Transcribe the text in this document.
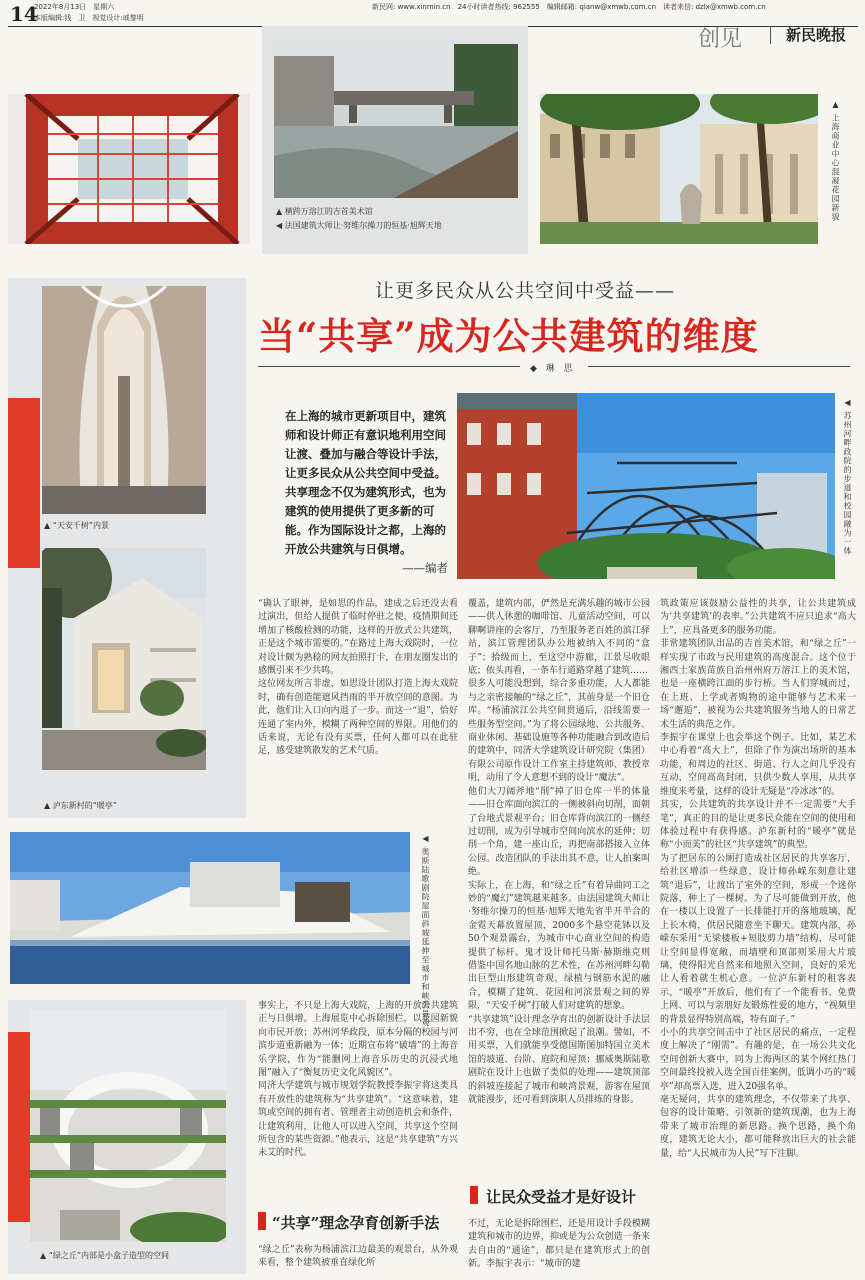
14
2022年8月13日　星期六
本版编辑:钱　卫　视觉设计:戚黎明
新民网: www.xinmin.cn　24小时读者热线: 962555　编辑邮箱: qianw@xmwb.com.cn　读者来信: dzlx@xmwb.com.cn
创见	新民晚报
▲ 横跨万溶江的吉首美术馆
◀ 法国建筑大师让·努维尔操刀的恒基·旭辉天地
▲ 上海商业中心混凝花园新貌
让更多民众从公共空间中受益——
当“共享”成为公共建筑的维度
◆ 琳 思
▲ “天安千树”内景
▲ 泸东新村的“暖亭”
◀ 苏州河畔政院的步道和校园融为一体
在上海的城市更新项目中，建筑师和设计师正有意识地利用空间让渡、叠加与融合等设计手法，让更多民众从公共空间中受益。共享理念不仅为建筑形式，也为建筑的使用提供了更多新的可能。作为国际设计之都，上海的开放公共建筑与日俱增。
——编者
◀ 奥斯陆歌剧院屋面斜坡延伸至城市和峡湾景观
▲ “绿之丘”内部是小盒子造型的空间
“确认了眼神，是如思的作品，建成之后还没去看过演出，但给人提供了临时停驻之便，疫情期间还增加了核酸检测的功能，这样的开放式公共建筑，正是这个城市需要的。”在路过上海大戏院时，一位对设计颇为熟稔的网友拍照打卡，在朋友圈发出的感慨引来不少共鸣。
这位网友所言非虚，如思设计团队打造上海大戏院时，确有创造能遮风挡雨的半开放空间的意图。为此，他们让入口向内退了一步。而这一“退”，恰好连通了室内外，模糊了两种空间的界限。用他们的话来说，无论有没有买票，任何人都可以在此驻足，感受建筑散发的艺术气质。
事实上，不只是上海大戏院，上海的开放公共建筑正与日俱增。上海展览中心拆除围栏，以花园新貌向市民开放；苏州河华政段，原本分隔的校园与河滨步道重新融为一体；近期宣布将“破墙”的上海音乐学院，作为“能删网上海音乐历史的沉浸式地图”融入了“衡复历史文化风貌区”。
同济大学建筑与城市规划学院教授李振宇将这类具有开放性的建筑称为“共享建筑”。“这意味着，建筑或空间的拥有者、管理者主动创造机会和条件，让建筑利用，让他人可以进入空间，共享这个空间所包含的某些资源。”他表示，这是“共享建筑”方兴未艾的时代。
“共享”理念孕育创新手法
“绿之丘”表称为杨浦滨江边最美的观景台，从外观来看，整个建筑被垂直绿化所
覆盖，建筑内部，俨然是充满乐趣的城市公园——供人休憩的咖啡馆、儿童活动空间，可以聊啊讲座的会客厅，乃至服务老百姓的滨江驿站，滨江管理团队办公地被纳入不同的“盒子”；拾级而上，至这空中游廊，江景尽收眼底；依头再看，一条车行道路穿越了建筑……
很多人可能没想到，综合多重功能，人人都能与之亲密接触的“绿之丘”，其前身是一个旧仓库。“杨浦滨江公共空间贯通后，沿线需要一些服务型空间。”为了将公园绿地、公共服务、商业休闲、基础设施等各种功能融合到改造后的建筑中，同济大学建筑设计研究院（集团）有限公司原作设计工作室主持建筑师、教授章明，动用了令人意想不到的设计“魔法”。
他们大刀阔斧地“削”掉了旧仓库一半的体量——旧仓库面向滨江的一侧被斜向切削，面朝了台地式景观平台；旧仓库背向滨江的一侧经过切削，成为引导城市空间向滨水的延伸；切削一个角，建一座山丘，再把南部搭接入立体公园。改造团队的手法出其不意，让人拍案叫绝。
实际上，在上海，和“绿之丘”有着异曲同工之妙的“魔幻”建筑越来越多。由法国建筑大师让·努维尔操刀的恒基·旭辉天地先省半开半合的金霓天幕放置屋顶，2000多个悬空花钵以及50个观景露台，为城市中心商业空间的构造提供了标杆。鬼才设计师托马斯·赫斯维克则借鉴中国名地山脉的艺术性，在苏州河畔勾勒出巨型山形建筑奇观，绿植与钢筋水泥的融合，模糊了建筑、花园和河滨景观之间的界限，“天安千树”打破人们对建筑的想象。
“共享建筑”设计理念孕育出的创新设计手法层出不穷，也在全球范围掀起了浪潮。譬如，不用买票，人们就能享受德国斯图加特国立美术馆的坡道、台阶、庭院和屋顶；挪威奥斯陆歌剧院在设计上也做了类似的处理——建筑顶部的斜坡连接起了城市和峡湾景观，游客在屋顶就能漫步，还可看到演职人员排练的身影。
让民众受益才是好设计
不过，无论是拆除围栏，还是用设计手段模糊建筑和城市的边界，抑或是为公众创造一条来去自由的“通途”，都只是在建筑形式上的创新。李振宇表示：“城市的建
筑政策应该鼓励公益性的共享，让公共建筑成为‘共享建筑’的表率。”公共建筑不应只追求“高大上”，应具备更多的服务功能。
非常建筑团队出品的吉首美术馆，和“绿之丘”一样实现了市政与民用建筑的高度混合。这个位于湘西土家族苗族自治州州府万溶江上的美术馆，也是一座横跨江面的步行桥。当人们穿城而过，在上班、上学或者购物的途中能够与艺术来一场“邂逅”，被视为公共建筑服务当地人的日常艺术生活的典范之作。
李振宇在课堂上也会举这个例子。比如，某艺术中心看着“高大上”，但除了作为演出场所的基本功能，和周边的社区、街道、行人之间几乎没有互动，空间高高封闭，只供少数人享用，从共享维度来考量，这样的设计无疑是“冷冰冰”的。
其实，公共建筑的共享设计并不一定需要“大手笔”，真正的目的是让更多民众能在空间的使用和体验过程中有获得感。泸东新村的“暖亭”就是称“小而美”的社区“共享建筑”的典型。
为了把居东的公厕打造成社区居民的共享客厅，给社区增添一些绿意，设计师孙嵘东刻意让建筑“退后”，让渡出了室外的空间，形成一个迷你院落，种上了一棵树。为了尽可能做到开放，他在一楼以上设置了一长排能打开的落地玻璃，配上长木椅，供居民随意坐下聊天。建筑内部，孙嵘东采用“无梁楼板+短肢剪力墙”结构，尽可能让空间显得宽敞，而墙壁和顶部则采用大片玻璃，使得阳光自然来和地照入空间，良好的采光让人看着就生机心意。一位泸东新村的租客表示，“暖亭”开放后，他们有了一个能看书、免费上网、可以与亲朋好友锻炼性爱的地方，“视频里的背景显得特别高端，特有面子。”
小小的共享空间击中了社区居民的痛点，一定程度上解决了“刚需”。有趣的是，在一场公共文化空间创新大赛中，同为上海两区的某个网红热门空间最终投被入选全国百佳案例，低调小巧的“暖亭”却高票入选，进入20强名单。
毫无疑问，共享的建筑理念，不仅带来了共享、包容的设计策略、引领新的建筑现潮，也为上海带来了城市治理的新思路。换个思路，换个角度，建筑无论大小，都可能释放出巨大的社会能量，给“人民城市为人民”写下注脚。
